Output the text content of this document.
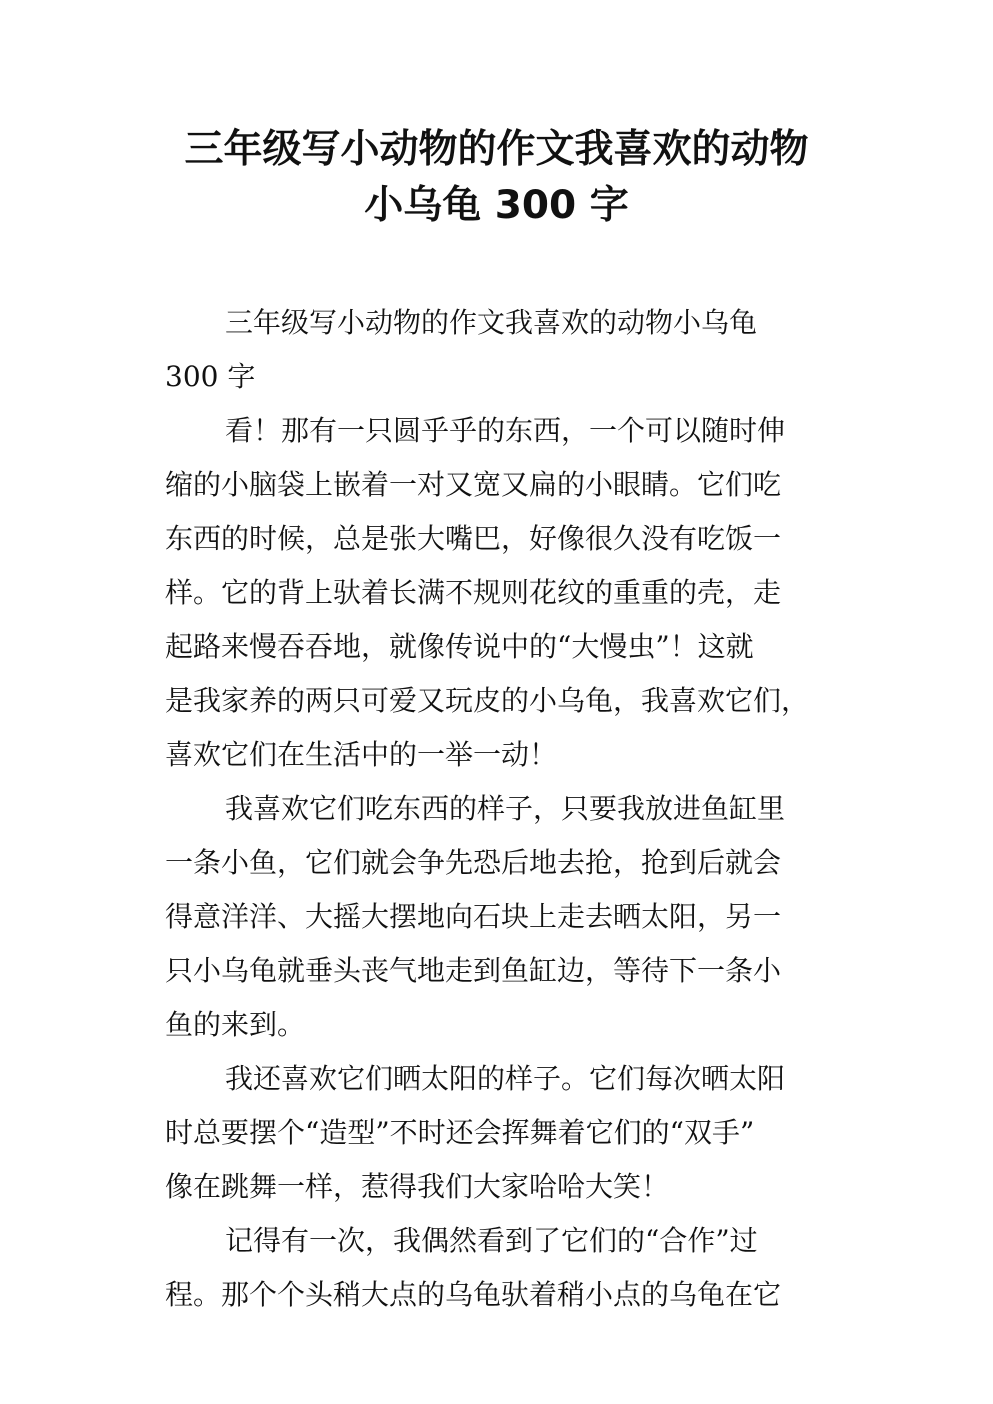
三年级写小动物的作文我喜欢的动物
小乌龟 300 字

三年级写小动物的作文我喜欢的动物小乌龟
300 字

看！那有一只圆乎乎的东西，一个可以随时伸
缩的小脑袋上嵌着一对又宽又扁的小眼睛。它们吃
东西的时候，总是张大嘴巴，好像很久没有吃饭一
样。它的背上驮着长满不规则花纹的重重的壳，走
起路来慢吞吞地，就像传说中的“大慢虫”！这就
是我家养的两只可爱又玩皮的小乌龟，我喜欢它们，
喜欢它们在生活中的一举一动！

我喜欢它们吃东西的样子，只要我放进鱼缸里
一条小鱼，它们就会争先恐后地去抢，抢到后就会
得意洋洋、大摇大摆地向石块上走去晒太阳，另一
只小乌龟就垂头丧气地走到鱼缸边，等待下一条小
鱼的来到。

我还喜欢它们晒太阳的样子。它们每次晒太阳
时总要摆个“造型”不时还会挥舞着它们的“双手”
像在跳舞一样，惹得我们大家哈哈大笑！

记得有一次，我偶然看到了它们的“合作”过
程。那个个头稍大点的乌龟驮着稍小点的乌龟在它
